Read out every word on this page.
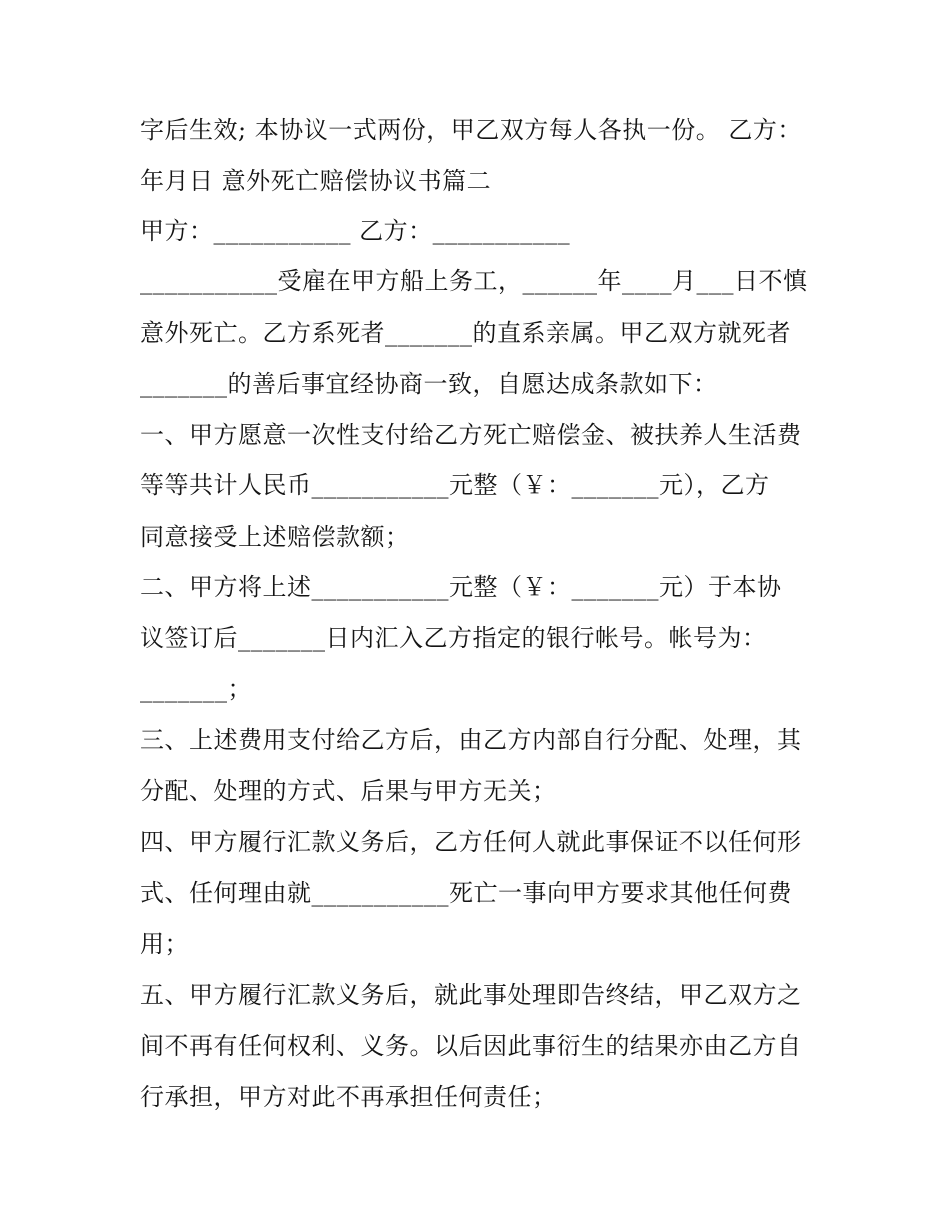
字后生效; 本协议一式两份，甲乙双方每人各执一份。 乙方：
年月日 意外死亡赔偿协议书篇二
甲方：___________ 乙方：___________
___________受雇在甲方船上务工，______年____月___日不慎
意外死亡。乙方系死者_______的直系亲属。甲乙双方就死者
_______的善后事宜经协商一致，自愿达成条款如下：
一、甲方愿意一次性支付给乙方死亡赔偿金、被扶养人生活费
等等共计人民币___________元整（￥：_______元），乙方
同意接受上述赔偿款额；
二、甲方将上述___________元整（￥：_______元）于本协
议签订后_______日内汇入乙方指定的银行帐号。帐号为：
_______；
三、上述费用支付给乙方后，由乙方内部自行分配、处理，其
分配、处理的方式、后果与甲方无关；
四、甲方履行汇款义务后，乙方任何人就此事保证不以任何形
式、任何理由就___________死亡一事向甲方要求其他任何费
用；
五、甲方履行汇款义务后，就此事处理即告终结，甲乙双方之
间不再有任何权利、义务。以后因此事衍生的结果亦由乙方自
行承担，甲方对此不再承担任何责任；
